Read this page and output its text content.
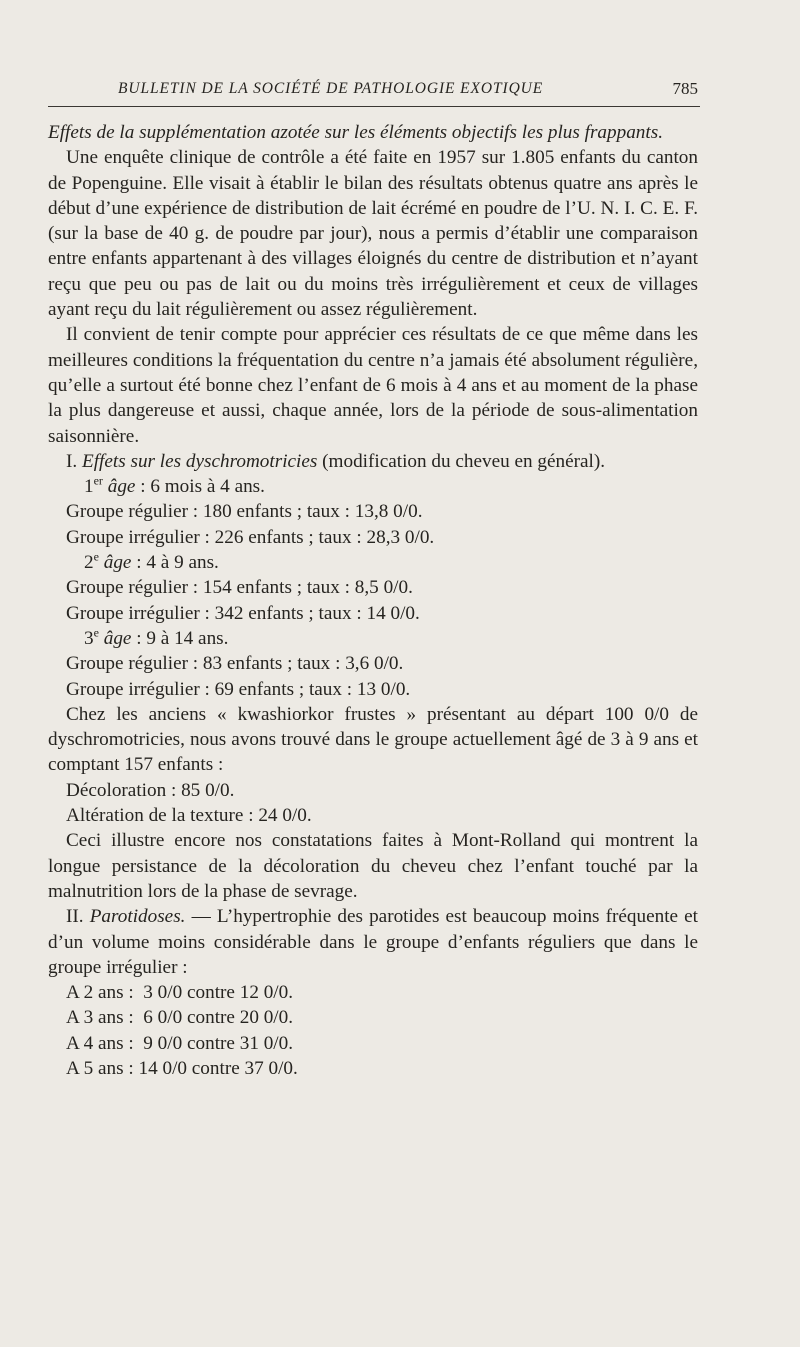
BULLETIN DE LA SOCIÉTÉ DE PATHOLOGIE EXOTIQUE	785

Effets de la supplémentation azotée sur les éléments objectifs les plus frappants.

Une enquête clinique de contrôle a été faite en 1957 sur 1.805 enfants du canton de Popenguine. Elle visait à établir le bilan des résultats obtenus quatre ans après le début d’une expérience de distribution de lait écrémé en poudre de l’U. N. I. C. E. F. (sur la base de 40 g. de poudre par jour), nous a permis d’établir une comparaison entre enfants appartenant à des villages éloignés du centre de distribution et n’ayant reçu que peu ou pas de lait ou du moins très irrégulièrement et ceux de villages ayant reçu du lait régulièrement ou assez régulièrement.

Il convient de tenir compte pour apprécier ces résultats de ce que même dans les meilleures conditions la fréquentation du centre n’a jamais été absolument régulière, qu’elle a surtout été bonne chez l’enfant de 6 mois à 4 ans et au moment de la phase la plus dangereuse et aussi, chaque année, lors de la période de sous-alimentation saisonnière.

I. Effets sur les dyschromotricies (modification du cheveu en général).

1er âge : 6 mois à 4 ans.
Groupe régulier : 180 enfants ; taux : 13,8 0/0.
Groupe irrégulier : 226 enfants ; taux : 28,3 0/0.
2e âge : 4 à 9 ans.
Groupe régulier : 154 enfants ; taux : 8,5 0/0.
Groupe irrégulier : 342 enfants ; taux : 14 0/0.
3e âge : 9 à 14 ans.
Groupe régulier : 83 enfants ; taux : 3,6 0/0.
Groupe irrégulier : 69 enfants ; taux : 13 0/0.

Chez les anciens « kwashiorkor frustes » présentant au départ 100 0/0 de dyschromotricies, nous avons trouvé dans le groupe actuellement âgé de 3 à 9 ans et comptant 157 enfants :

Décoloration : 85 0/0.
Altération de la texture : 24 0/0.

Ceci illustre encore nos constatations faites à Mont-Rolland qui montrent la longue persistance de la décoloration du cheveu chez l’enfant touché par la malnutrition lors de la phase de sevrage.

II. Parotidoses. — L’hypertrophie des parotides est beaucoup moins fréquente et d’un volume moins considérable dans le groupe d’enfants réguliers que dans le groupe irrégulier :

A 2 ans :  3 0/0 contre 12 0/0.
A 3 ans :  6 0/0 contre 20 0/0.
A 4 ans :  9 0/0 contre 31 0/0.
A 5 ans : 14 0/0 contre 37 0/0.
